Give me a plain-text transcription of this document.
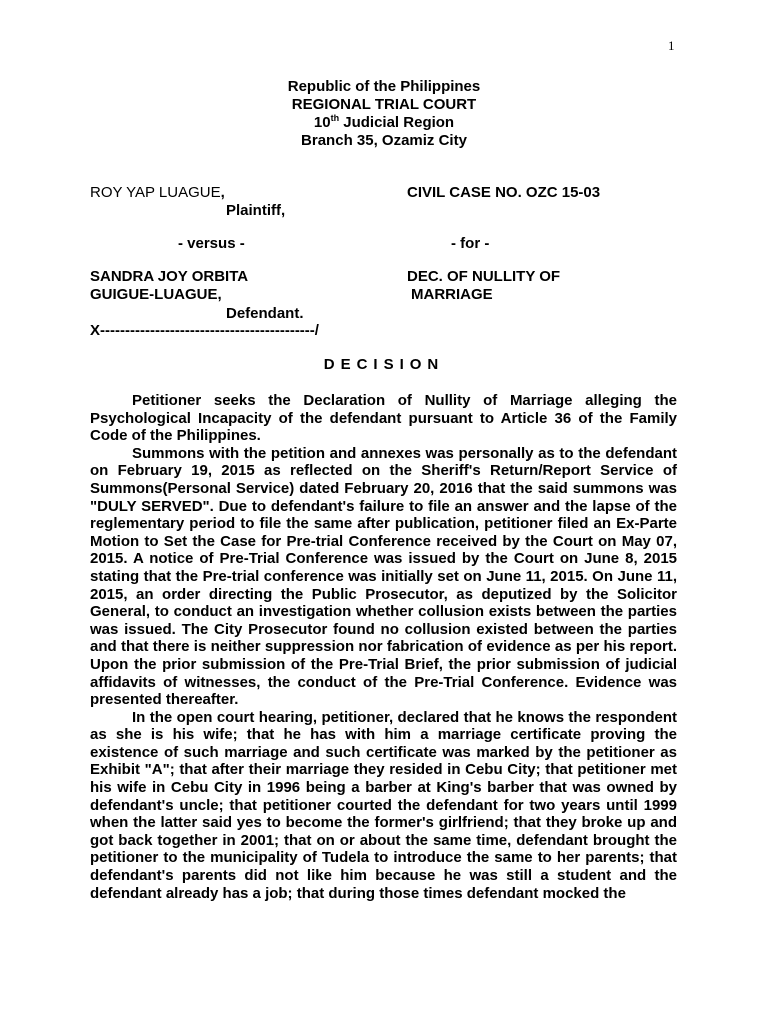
1
Republic of the Philippines
REGIONAL TRIAL COURT
10th Judicial Region
Branch 35, Ozamiz City
ROY YAP LUAGUE,
Plaintiff,
- versus -
SANDRA JOY ORBITA
GUIGUE-LUAGUE,
Defendant.
X-------------------------------------------/
CIVIL CASE NO. OZC 15-03
- for -
DEC. OF NULLITY OF
MARRIAGE
DECISION

Petitioner seeks the Declaration of Nullity of Marriage alleging the Psychological Incapacity of the defendant pursuant to Article 36 of the Family Code of the Philippines.

Summons with the petition and annexes was personally as to the defendant on February 19, 2015 as reflected on the Sheriff's Return/Report Service of Summons(Personal Service) dated February 20, 2016 that the said summons was "DULY SERVED". Due to defendant's failure to file an answer and the lapse of the reglementary period to file the same after publication, petitioner filed an Ex-Parte Motion to Set the Case for Pre-trial Conference received by the Court on May 07, 2015. A notice of Pre-Trial Conference was issued by the Court on June 8, 2015 stating that the Pre-trial conference was initially set on June 11, 2015. On June 11, 2015, an order directing the Public Prosecutor, as deputized by the Solicitor General, to conduct an investigation whether collusion exists between the parties was issued. The City Prosecutor found no collusion existed between the parties and that there is neither suppression nor fabrication of evidence as per his report. Upon the prior submission of the Pre-Trial Brief, the prior submission of judicial affidavits of witnesses, the conduct of the Pre-Trial Conference. Evidence was presented thereafter.

In the open court hearing, petitioner, declared that he knows the respondent as she is his wife; that he has with him a marriage certificate proving the existence of such marriage and such certificate was marked by the petitioner as Exhibit "A"; that after their marriage they resided in Cebu City; that petitioner met his wife in Cebu City in 1996 being a barber at King's barber that was owned by defendant's uncle; that petitioner courted the defendant for two years until 1999 when the latter said yes to become the former's girlfriend; that they broke up and got back together in 2001; that on or about the same time, defendant brought the petitioner to the municipality of Tudela to introduce the same to her parents; that defendant's parents did not like him because he was still a student and the defendant already has a job; that during those times defendant mocked the
